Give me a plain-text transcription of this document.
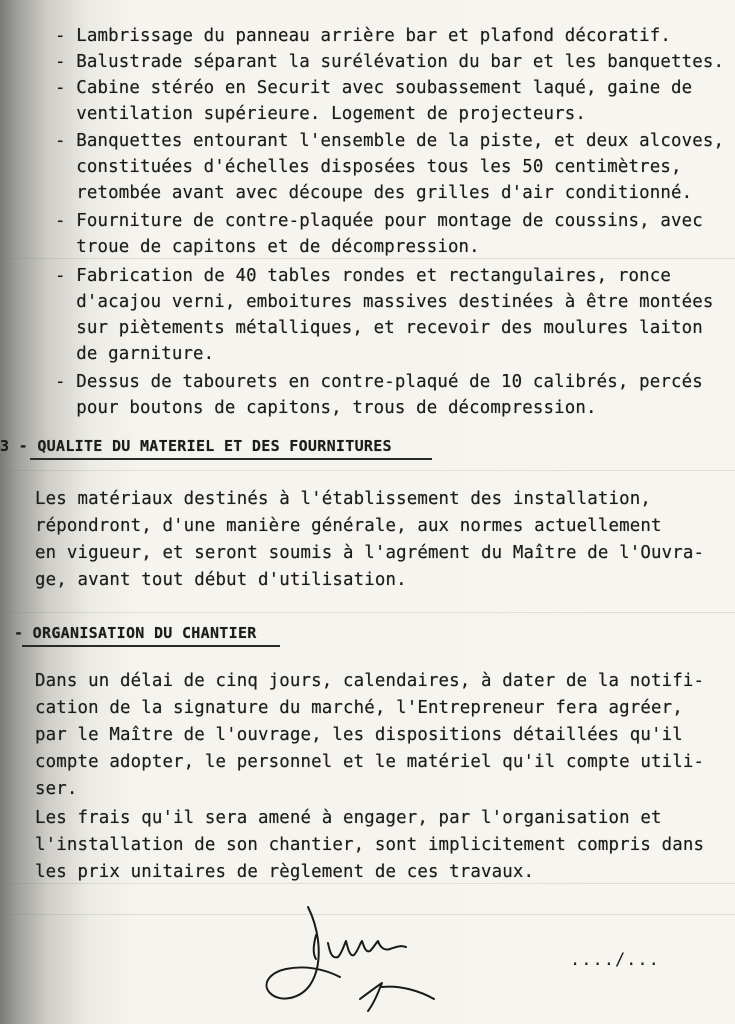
- Lambrissage du panneau arrière bar et plafond décoratif.
- Balustrade séparant la surélévation du bar et les banquettes.
- Cabine stéréo en Securit avec soubassement laqué, gaine de
ventilation supérieure. Logement de projecteurs.
- Banquettes entourant l'ensemble de la piste, et deux alcoves,
constituées d'échelles disposées tous les 50 centimètres,
retombée avant avec découpe des grilles d'air conditionné.
- Fourniture de contre-plaquée pour montage de coussins, avec
troue de capitons et de décompression.
- Fabrication de 40 tables rondes et rectangulaires, ronce
d'acajou verni, emboitures massives destinées à être montées
sur piètements métalliques, et recevoir des moulures laiton
de garniture.
- Dessus de tabourets en contre-plaqué de 10 calibrés, percés
pour boutons de capitons, trous de décompression.
3 - QUALITE DU MATERIEL ET DES FOURNITURES
Les matériaux destinés à l'établissement des installation,
répondront, d'une manière générale, aux normes actuellement
en vigueur, et seront soumis à l'agrément du Maître de l'Ouvra-
ge, avant tout début d'utilisation.
- ORGANISATION DU CHANTIER
Dans un délai de cinq jours, calendaires, à dater de la notifi-
cation de la signature du marché, l'Entrepreneur fera agréer,
par le Maître de l'ouvrage, les dispositions détaillées qu'il
compte adopter, le personnel et le matériel qu'il compte utili-
ser.
Les frais qu'il sera amené à engager, par l'organisation et
l'installation de son chantier, sont implicitement compris dans
les prix unitaires de règlement de ces travaux.
..../...
